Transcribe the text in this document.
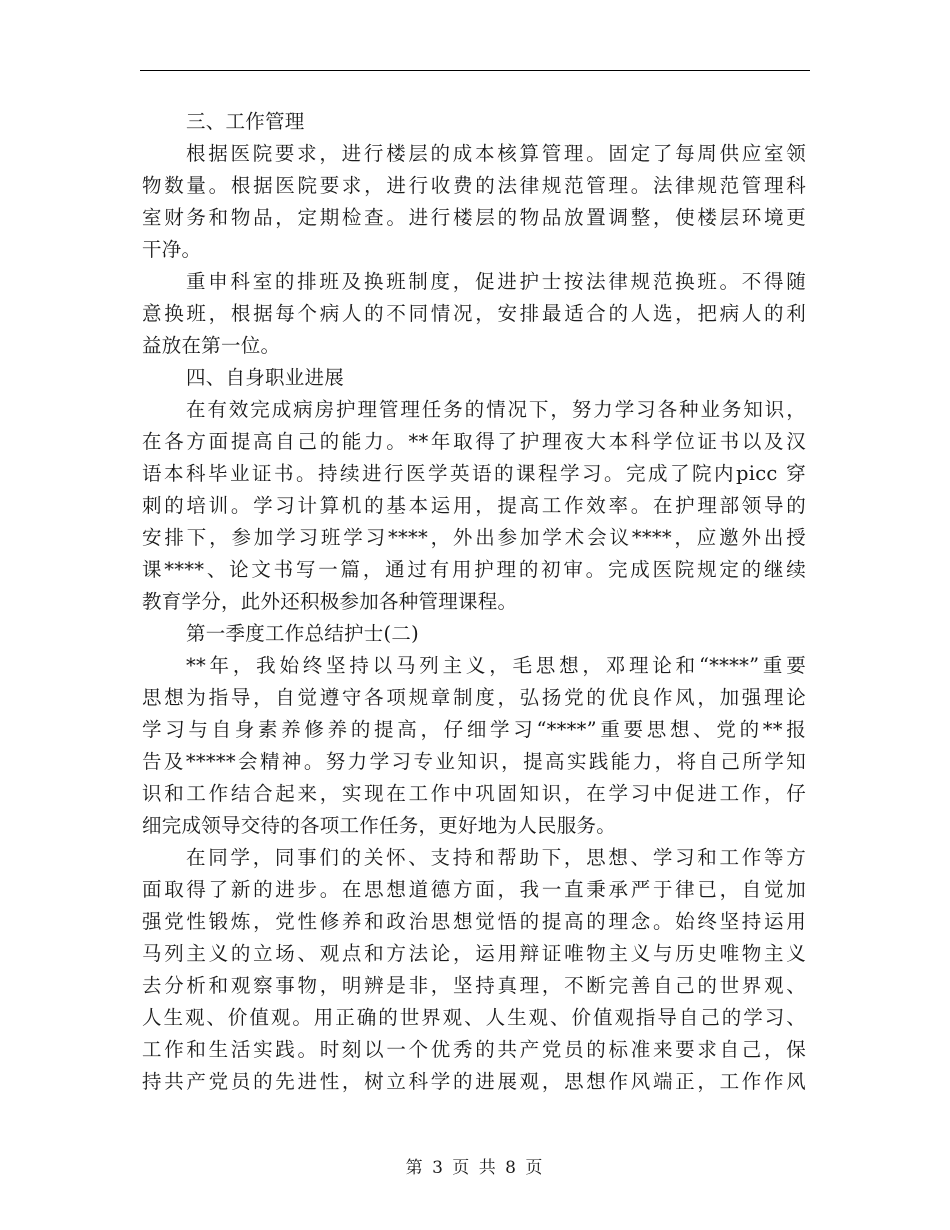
三、工作管理
根据医院要求，进行楼层的成本核算管理。固定了每周供应室领
物数量。根据医院要求，进行收费的法律规范管理。法律规范管理科
室财务和物品，定期检查。进行楼层的物品放置调整，使楼层环境更
干净。
重申科室的排班及换班制度，促进护士按法律规范换班。不得随
意换班，根据每个病人的不同情况，安排最适合的人选，把病人的利
益放在第一位。
四、自身职业进展
在有效完成病房护理管理任务的情况下，努力学习各种业务知识，
在各方面提高自己的能力。**年取得了护理夜大本科学位证书以及汉
语本科毕业证书。持续进行医学英语的课程学习。完成了院内picc 穿
刺的培训。学习计算机的基本运用，提高工作效率。在护理部领导的
安排下，参加学习班学习****，外出参加学术会议****，应邀外出授
课****、论文书写一篇，通过有用护理的初审。完成医院规定的继续
教育学分，此外还积极参加各种管理课程。
第一季度工作总结护士(二)
**年，我始终坚持以马列主义，毛思想，邓理论和“****”重要
思想为指导，自觉遵守各项规章制度，弘扬党的优良作风，加强理论
学习与自身素养修养的提高，仔细学习“****”重要思想、党的**报
告及*****会精神。努力学习专业知识，提高实践能力，将自己所学知
识和工作结合起来，实现在工作中巩固知识，在学习中促进工作，仔
细完成领导交待的各项工作任务，更好地为人民服务。
在同学，同事们的关怀、支持和帮助下，思想、学习和工作等方
面取得了新的进步。在思想道德方面，我一直秉承严于律已，自觉加
强党性锻炼，党性修养和政治思想觉悟的提高的理念。始终坚持运用
马列主义的立场、观点和方法论，运用辩证唯物主义与历史唯物主义
去分析和观察事物，明辨是非，坚持真理，不断完善自己的世界观、
人生观、价值观。用正确的世界观、人生观、价值观指导自己的学习、
工作和生活实践。时刻以一个优秀的共产党员的标准来要求自己，保
持共产党员的先进性，树立科学的进展观，思想作风端正，工作作风
第 3 页 共 8 页
